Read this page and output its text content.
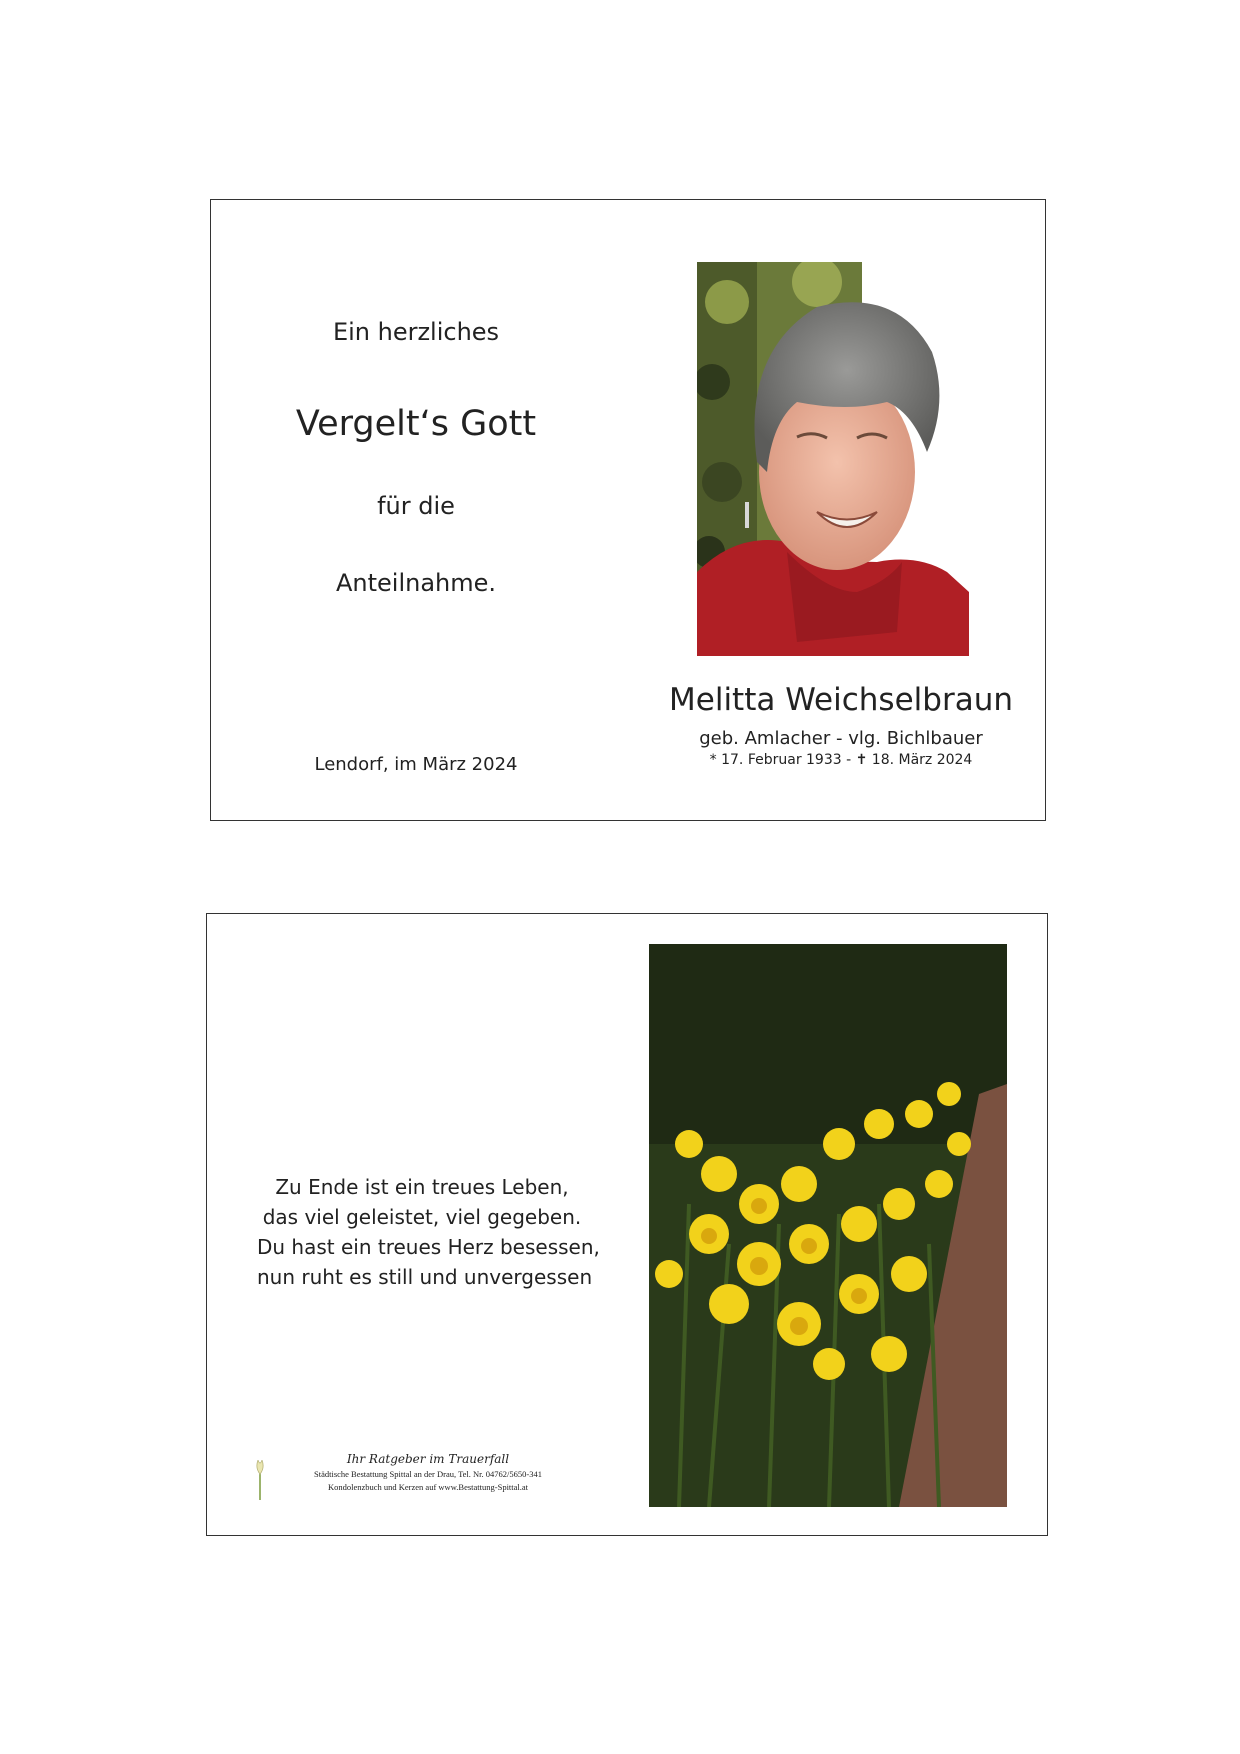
Ein herzliches
Vergelt‘s Gott
für die
Anteilnahme.
Lendorf, im März 2024
Melitta Weichselbraun
geb. Amlacher - vlg. Bichlbauer
* 17. Februar 1933 - ✝ 18. März 2024
Zu Ende ist ein treues Leben,
das viel geleistet, viel gegeben.
Du hast ein treues Herz besessen,
nun ruht es still und unvergessen
Ihr Ratgeber im Trauerfall
Städtische Bestattung Spittal an der Drau, Tel. Nr. 04762/5650-341
Kondolenzbuch und Kerzen auf www.Bestattung-Spittal.at
